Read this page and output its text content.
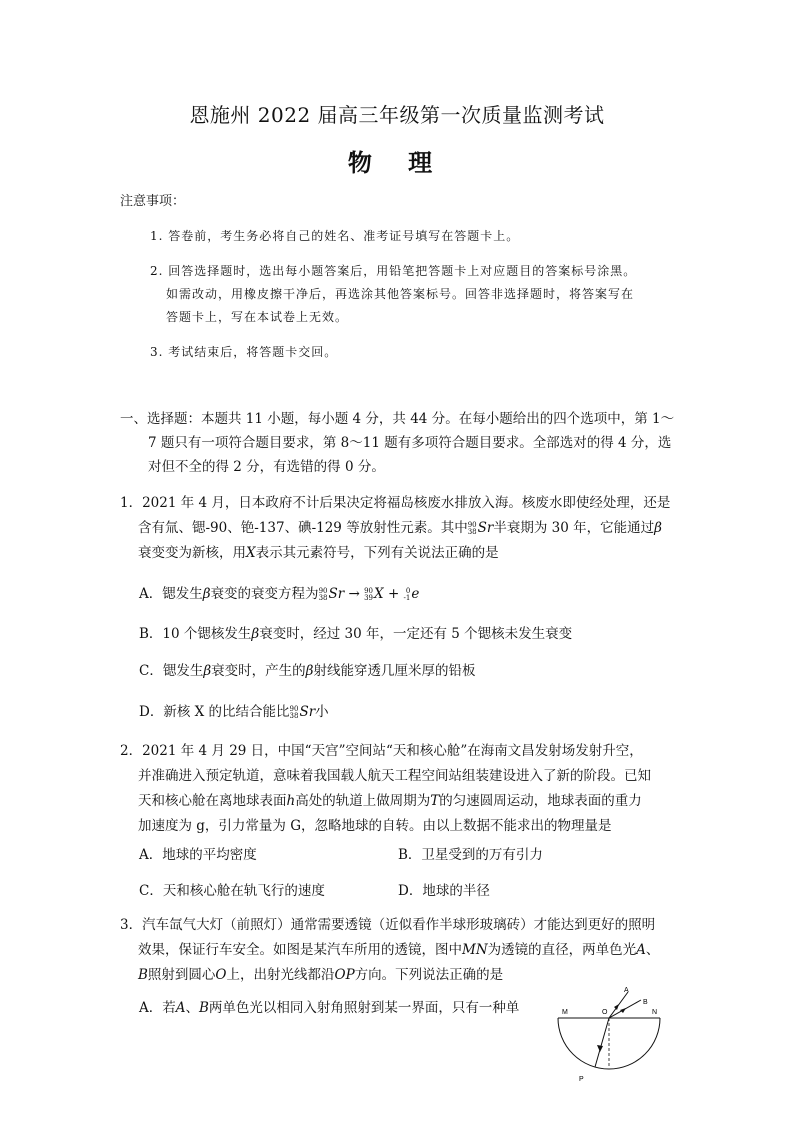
恩施州 2022 届高三年级第一次质量监测考试
物 理
注意事项：
1. 答卷前，考生务必将自己的姓名、准考证号填写在答题卡上。
2. 回答选择题时，选出每小题答案后，用铅笔把答题卡上对应题目的答案标号涂黑。
如需改动，用橡皮擦干净后，再选涂其他答案标号。回答非选择题时，将答案写在
答题卡上，写在本试卷上无效。
3. 考试结束后，将答题卡交回。
一、选择题：本题共 11 小题，每小题 4 分，共 44 分。在每小题给出的四个选项中，第 1～
7 题只有一项符合题目要求，第 8～11 题有多项符合题目要求。全部选对的得 4 分，选
对但不全的得 2 分，有选错的得 0 分。
1．2021 年 4 月，日本政府不计后果决定将福岛核废水排放入海。核废水即使经处理，还是
含有氚、锶-90、铯-137、碘-129 等放射性元素。其中 90
38 Sr半衰期为 30 年，它能通过β
衰变变为新核，用X表示其元素符号，下列有关说法正确的是
A．锶发生β衰变的衰变方程为 90
38 Sr → 90
39 X + 0
-1 e
B．10 个锶核发生β衰变时，经过 30 年，一定还有 5 个锶核未发生衰变
C．锶发生β衰变时，产生的β射线能穿透几厘米厚的铅板
D．新核 X 的比结合能比 90
38 Sr小
2．2021 年 4 月 29 日，中国“天宫”空间站“天和核心舱”在海南文昌发射场发射升空，
并准确进入预定轨道，意味着我国载人航天工程空间站组装建设进入了新的阶段。已知
天和核心舱在离地球表面h高处的轨道上做周期为T的匀速圆周运动，地球表面的重力
加速度为 g，引力常量为 G，忽略地球的自转。由以上数据不能求出的物理量是
A．地球的平均密度	B．卫星受到的万有引力
C．天和核心舱在轨飞行的速度	D．地球的半径
3．汽车氙气大灯（前照灯）通常需要透镜（近似看作半球形玻璃砖）才能达到更好的照明
效果，保证行车安全。如图是某汽车所用的透镜，图中MN为透镜的直径，两单色光A、
B照射到圆心O上，出射光线都沿OP方向。下列说法正确的是
A．若A、B两单色光以相同入射角照射到某一界面，只有一种单
A
B
M	O	N
P
